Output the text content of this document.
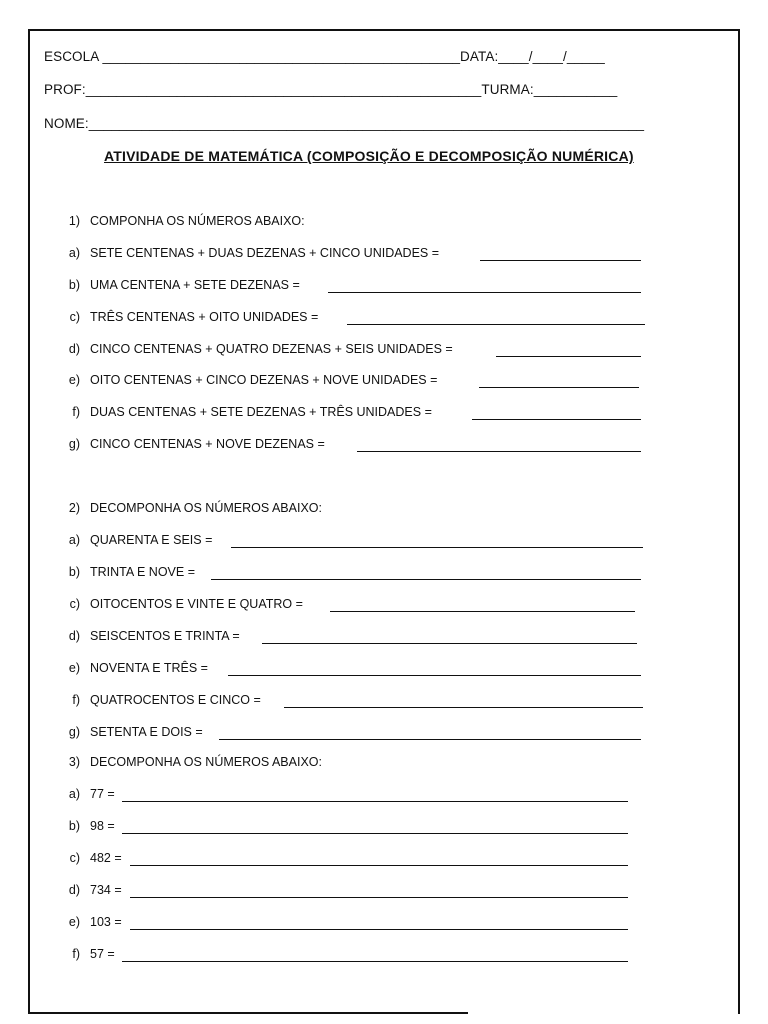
ESCOLA _______________________________________________DATA:____/____/_____
PROF:____________________________________________________TURMA:___________
NOME:_________________________________________________________________________
ATIVIDADE DE MATEMÁTICA (COMPOSIÇÃO E DECOMPOSIÇÃO NUMÉRICA)
1) COMPONHA OS NÚMEROS ABAIXO:
a) SETE CENTENAS + DUAS DEZENAS + CINCO UNIDADES =
b) UMA CENTENA + SETE DEZENAS =
c) TRÊS CENTENAS + OITO UNIDADES =
d) CINCO CENTENAS + QUATRO DEZENAS + SEIS UNIDADES =
e) OITO CENTENAS + CINCO DEZENAS + NOVE UNIDADES =
f) DUAS CENTENAS + SETE DEZENAS + TRÊS UNIDADES =
g) CINCO CENTENAS + NOVE DEZENAS =
2) DECOMPONHA OS NÚMEROS ABAIXO:
a) QUARENTA E SEIS =
b) TRINTA E NOVE =
c) OITOCENTOS E VINTE E QUATRO =
d) SEISCENTOS E TRINTA =
e) NOVENTA E TRÊS =
f) QUATROCENTOS E CINCO =
g) SETENTA E DOIS =
3) DECOMPONHA OS NÚMEROS ABAIXO:
a) 77 =
b) 98 =
c) 482 =
d) 734 =
e) 103 =
f) 57 =
